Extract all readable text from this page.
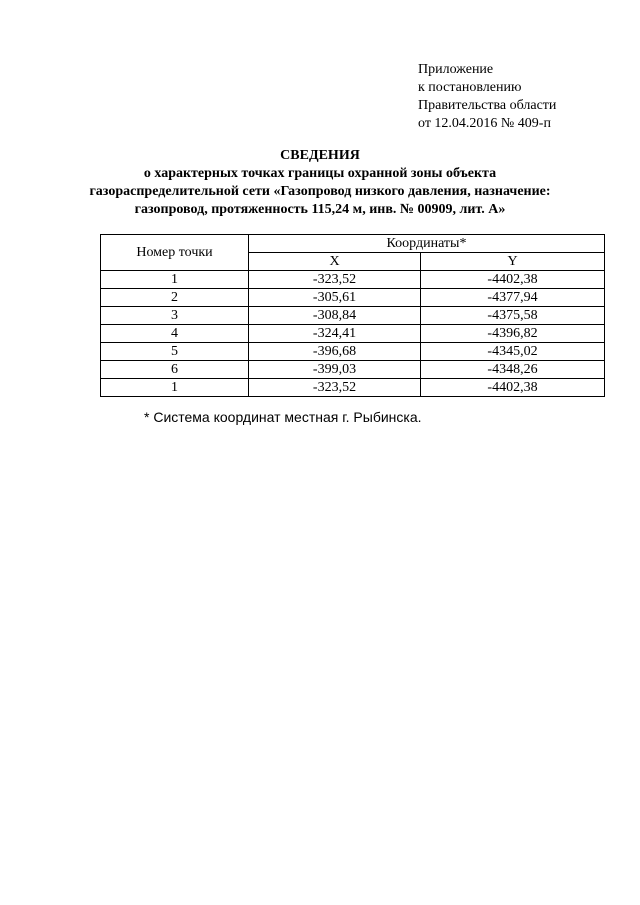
Приложение
к постановлению
Правительства области
от 12.04.2016 № 409-п
СВЕДЕНИЯ
о характерных точках границы охранной зоны объекта
газораспределительной сети «Газопровод низкого давления, назначение:
газопровод, протяженность 115,24 м, инв. № 00909, лит. А»
Номер точки	Координаты*	
	X	Y
1	-323,52	-4402,38
2	-305,61	-4377,94
3	-308,84	-4375,58
4	-324,41	-4396,82
5	-396,68	-4345,02
6	-399,03	-4348,26
1	-323,52	-4402,38
* Система координат местная г. Рыбинска.
